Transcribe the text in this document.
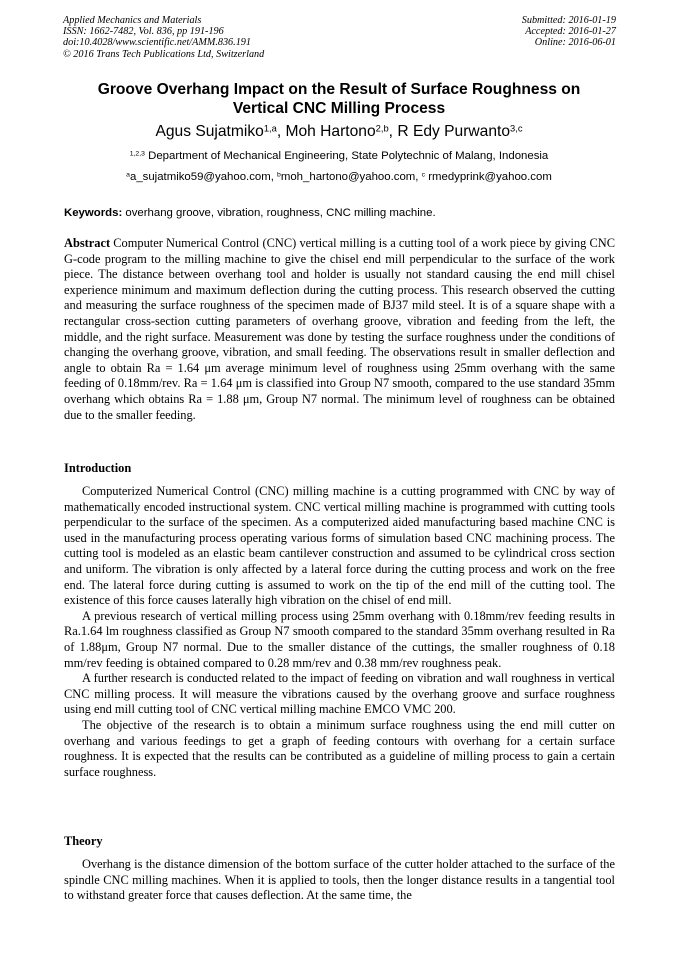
Applied Mechanics and Materials
ISSN: 1662-7482, Vol. 836, pp 191-196
doi:10.4028/www.scientific.net/AMM.836.191
© 2016 Trans Tech Publications Ltd, Switzerland
Submitted: 2016-01-19
Accepted: 2016-01-27
Online: 2016-06-01
Groove Overhang Impact on the Result of Surface Roughness on
Vertical CNC Milling Process
Agus Sujatmiko$^{1,a}$, Moh Hartono$^{2,b}$, R Edy Purwanto$^{3,c}$
$^{1,2,3}$ Department of Mechanical Engineering, State Polytechnic of Malang, Indonesia
$^a$a_sujatmiko59@yahoo.com, $^b$moh_hartono@yahoo.com, $^c$ rmedyprink@yahoo.com
Keywords: overhang groove, vibration, roughness, CNC milling machine.
Abstract Computer Numerical Control (CNC) vertical milling is a cutting tool of a work piece by giving CNC G-code program to the milling machine to give the chisel end mill perpendicular to the surface of the work piece. The distance between overhang tool and holder is usually not standard causing the end mill chisel experience minimum and maximum deflection during the cutting process. This research observed the cutting and measuring the surface roughness of the specimen made of BJ37 mild steel. It is of a square shape with a rectangular cross-section cutting parameters of overhang groove, vibration and feeding from the left, the middle, and the right surface. Measurement was done by testing the surface roughness under the conditions of changing the overhang groove, vibration, and small feeding. The observations result in smaller deflection and angle to obtain Ra = 1.64 μm average minimum level of roughness using 25mm overhang with the same feeding of 0.18mm/rev. Ra = 1.64 μm is classified into Group N7 smooth, compared to the use standard 35mm overhang which obtains Ra = 1.88 μm, Group N7 normal. The minimum level of roughness can be obtained due to the smaller feeding.
Introduction

Computerized Numerical Control (CNC) milling machine is a cutting programmed with CNC by way of mathematically encoded instructional system. CNC vertical milling machine is programmed with cutting tools perpendicular to the surface of the specimen. As a computerized aided manufacturing based machine CNC is used in the manufacturing process operating various forms of simulation based CNC machining process. The cutting tool is modeled as an elastic beam cantilever construction and assumed to be cylindrical cross section and uniform. The vibration is only affected by a lateral force during the cutting process and work on the free end. The lateral force during cutting is assumed to work on the tip of the end mill of the cutting tool. The existence of this force causes laterally high vibration on the chisel of end mill.

A previous research of vertical milling process using 25mm overhang with 0.18mm/rev feeding results in Ra.1.64 lm roughness classified as Group N7 smooth compared to the standard 35mm overhang resulted in Ra of 1.88μm, Group N7 normal. Due to the smaller distance of the cuttings, the smaller roughness of 0.18 mm/rev feeding is obtained compared to 0.28 mm/rev and 0.38 mm/rev roughness peak.

A further research is conducted related to the impact of feeding on vibration and wall roughness in vertical CNC milling process. It will measure the vibrations caused by the overhang groove and surface roughness using end mill cutting tool of CNC vertical milling machine EMCO VMC 200.

The objective of the research is to obtain a minimum surface roughness using the end mill cutter on overhang and various feedings to get a graph of feeding contours with overhang for a certain surface roughness. It is expected that the results can be contributed as a guideline of milling process to gain a certain surface roughness.

Theory

Overhang is the distance dimension of the bottom surface of the cutter holder attached to the surface of the spindle CNC milling machines. When it is applied to tools, then the longer distance results in a tangential tool to withstand greater force that causes deflection. At the same time, the
